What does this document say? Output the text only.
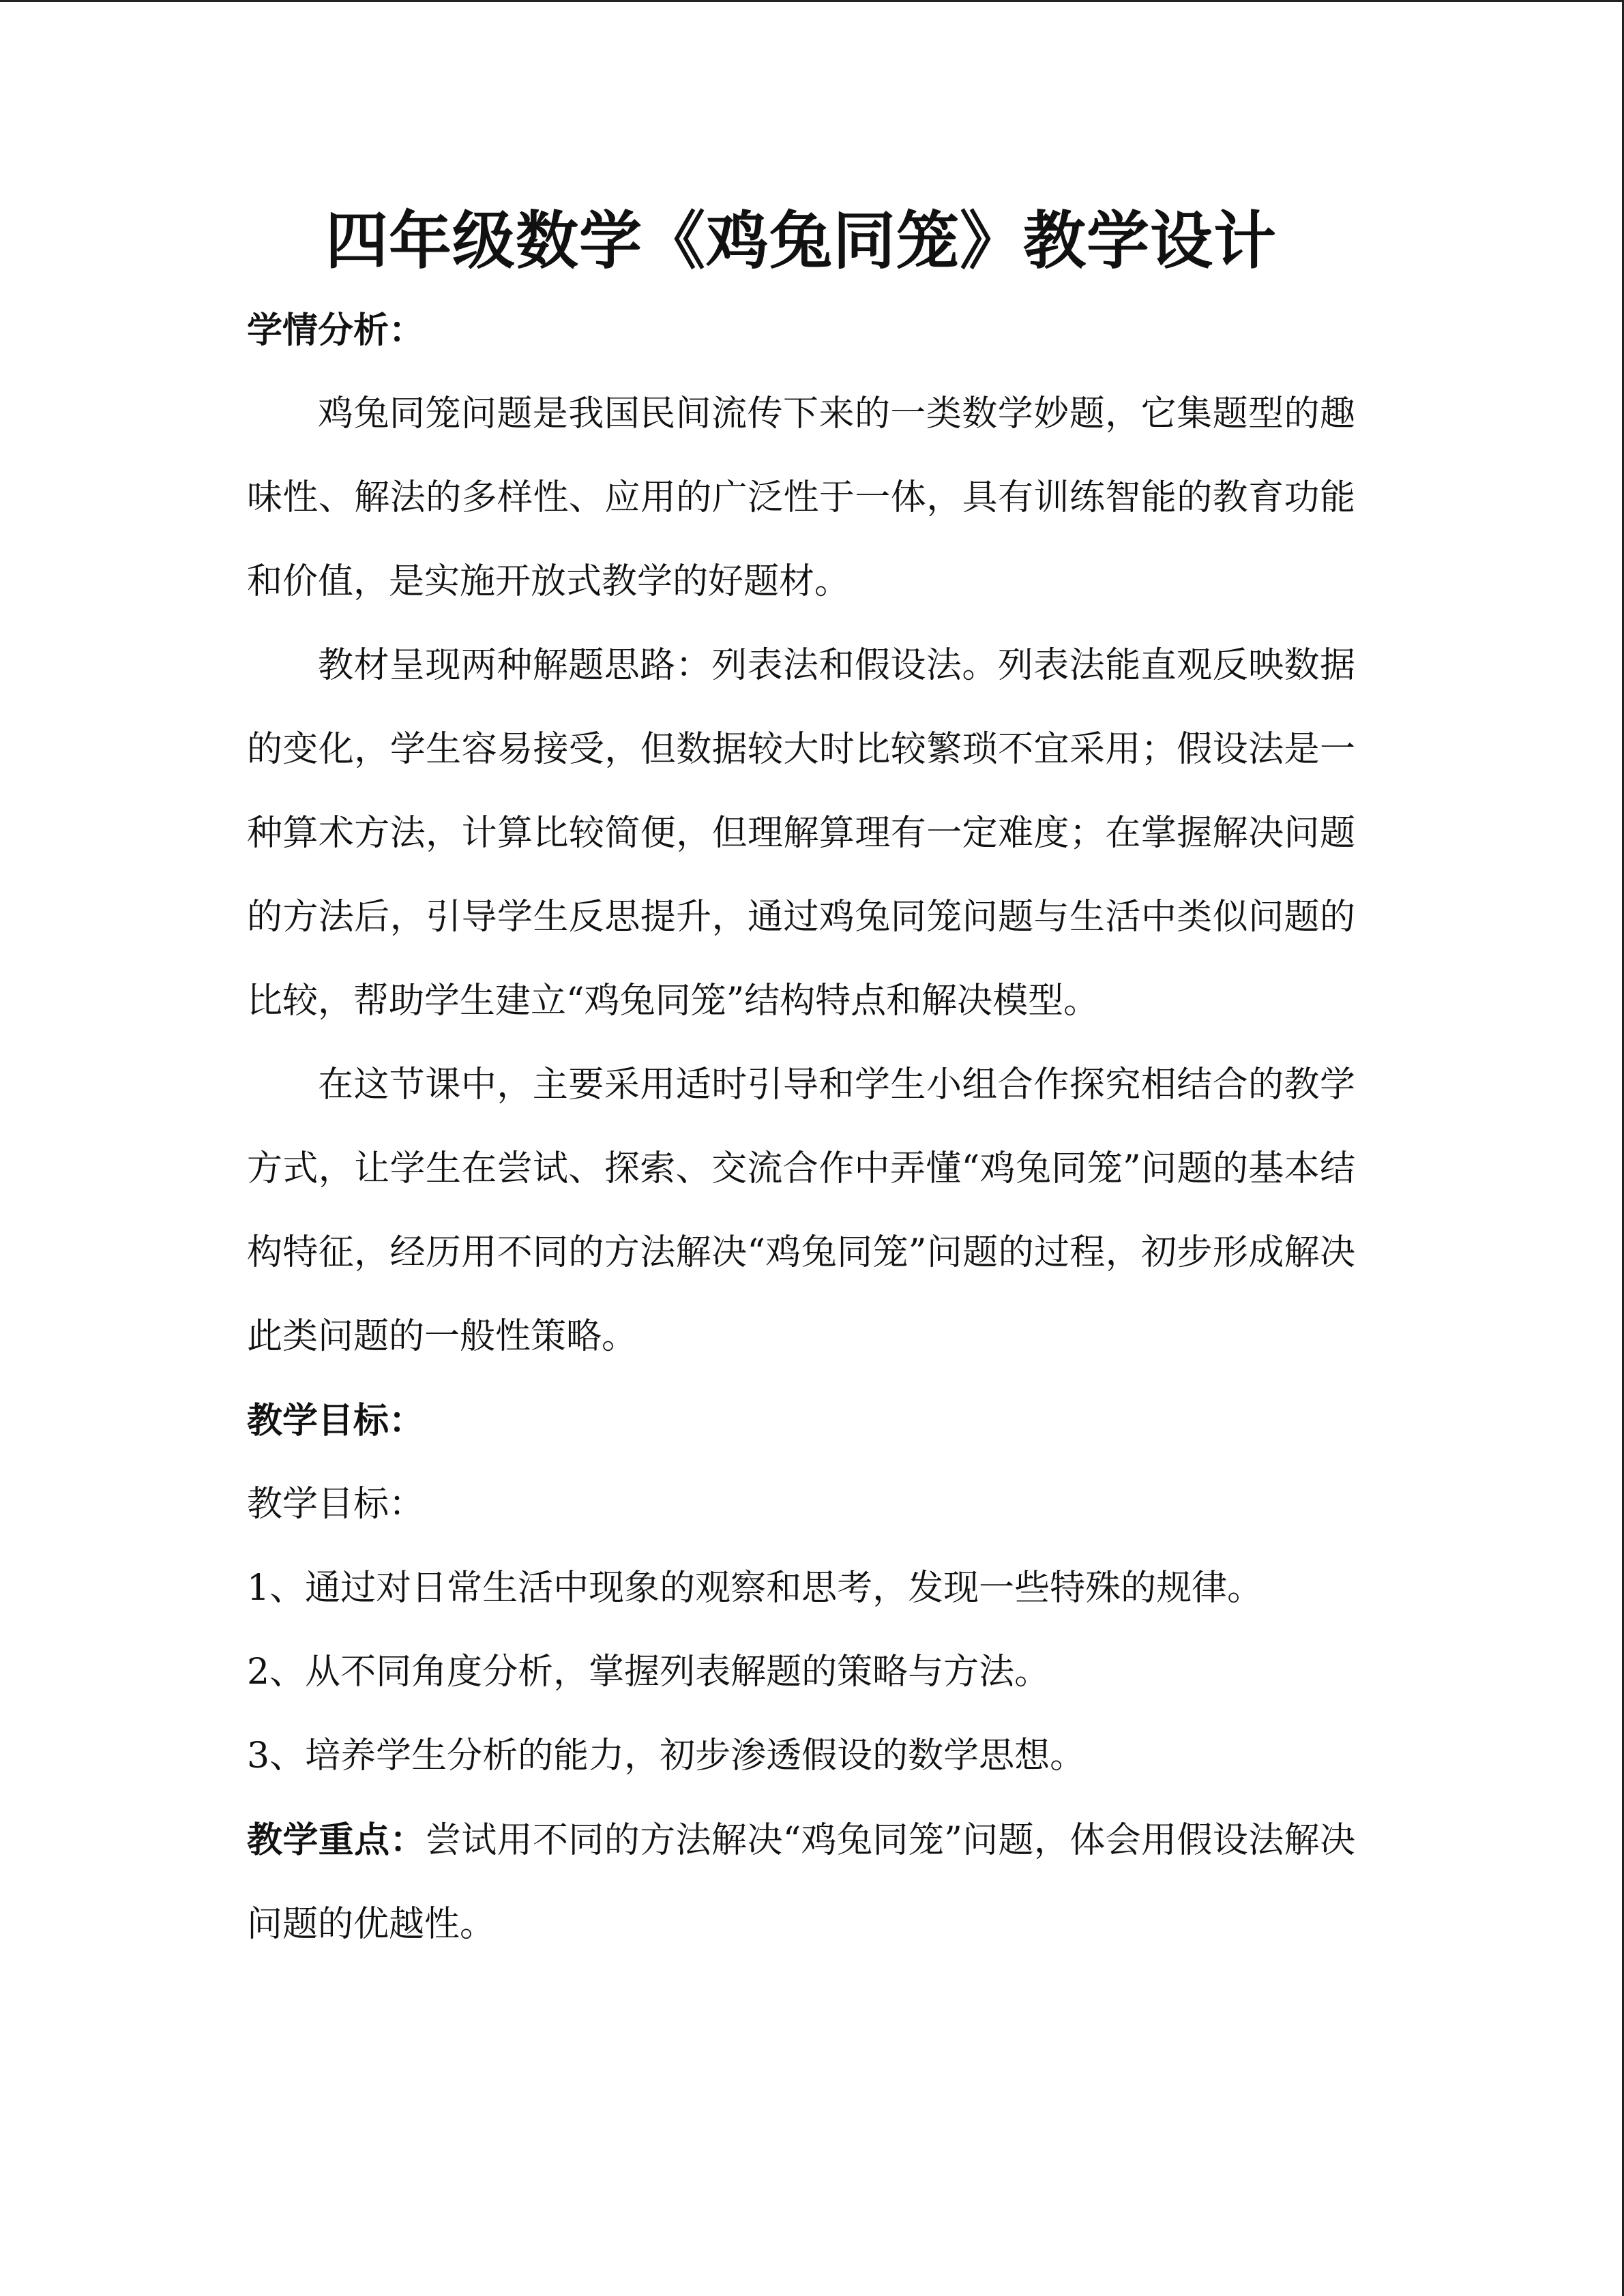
四年级数学《鸡兔同笼》教学设计

学情分析：

鸡兔同笼问题是我国民间流传下来的一类数学妙题，它集题型的趣味性、解法的多样性、应用的广泛性于一体，具有训练智能的教育功能和价值，是实施开放式教学的好题材。

教材呈现两种解题思路：列表法和假设法。列表法能直观反映数据的变化，学生容易接受，但数据较大时比较繁琐不宜采用；假设法是一种算术方法，计算比较简便，但理解算理有一定难度；在掌握解决问题的方法后，引导学生反思提升，通过鸡兔同笼问题与生活中类似问题的比较，帮助学生建立“鸡兔同笼”结构特点和解决模型。

在这节课中，主要采用适时引导和学生小组合作探究相结合的教学方式，让学生在尝试、探索、交流合作中弄懂“鸡兔同笼”问题的基本结构特征，经历用不同的方法解决“鸡兔同笼”问题的过程，初步形成解决此类问题的一般性策略。

教学目标：

教学目标：

1、通过对日常生活中现象的观察和思考，发现一些特殊的规律。

2、从不同角度分析，掌握列表解题的策略与方法。

3、培养学生分析的能力，初步渗透假设的数学思想。

教学重点：尝试用不同的方法解决“鸡兔同笼”问题，体会用假设法解决问题的优越性。
